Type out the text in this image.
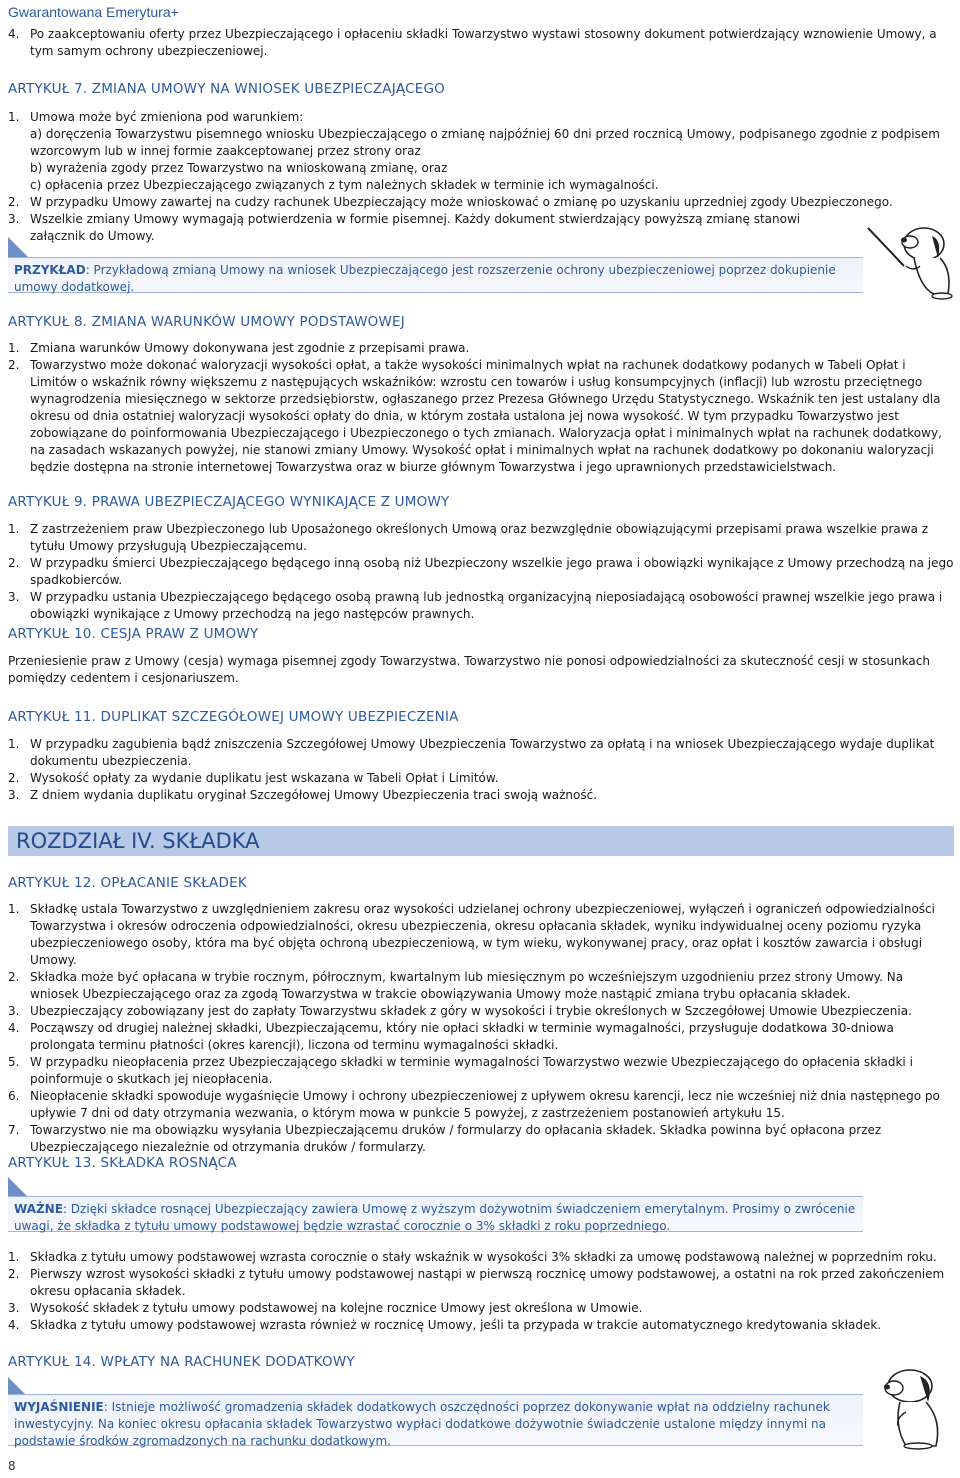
Gwarantowana Emerytura+
4. Po zaakceptowaniu oferty przez Ubezpieczającego i opłaceniu składki Towarzystwo wystawi stosowny dokument potwierdzający wznowienie Umowy, a tym samym ochrony ubezpieczeniowej.
ARTYKUŁ 7. ZMIANA UMOWY NA WNIOSEK UBEZPIECZAJĄCEGO
1. Umowa może być zmieniona pod warunkiem:
a) doręczenia Towarzystwu pisemnego wniosku Ubezpieczającego o zmianę najpóźniej 60 dni przed rocznicą Umowy, podpisanego zgodnie z podpisem wzorcowym lub w innej formie zaakceptowanej przez strony oraz
b) wyrażenia zgody przez Towarzystwo na wnioskowaną zmianę, oraz
c) opłacenia przez Ubezpieczającego związanych z tym należnych składek w terminie ich wymagalności.
2. W przypadku Umowy zawartej na cudzy rachunek Ubezpieczający może wnioskować o zmianę po uzyskaniu uprzedniej zgody Ubezpieczonego.
3. Wszelkie zmiany Umowy wymagają potwierdzenia w formie pisemnej. Każdy dokument stwierdzający powyższą zmianę stanowi załącznik do Umowy.
PRZYKŁAD: Przykładową zmianą Umowy na wniosek Ubezpieczającego jest rozszerzenie ochrony ubezpieczeniowej poprzez dokupienie umowy dodatkowej.
ARTYKUŁ 8. ZMIANA WARUNKÓW UMOWY PODSTAWOWEJ
1. Zmiana warunków Umowy dokonywana jest zgodnie z przepisami prawa.
2. Towarzystwo może dokonać waloryzacji wysokości opłat, a także wysokości minimalnych wpłat na rachunek dodatkowy podanych w Tabeli Opłat i Limitów o wskaźnik równy większemu z następujących wskaźników: wzrostu cen towarów i usług konsumpcyjnych (inflacji) lub wzrostu przeciętnego wynagrodzenia miesięcznego w sektorze przedsiębiorstw, ogłaszanego przez Prezesa Głównego Urzędu Statystycznego. Wskaźnik ten jest ustalany dla okresu od dnia ostatniej waloryzacji wysokości opłaty do dnia, w którym została ustalona jej nowa wysokość. W tym przypadku Towarzystwo jest zobowiązane do poinformowania Ubezpieczającego i Ubezpieczonego o tych zmianach. Waloryzacja opłat i minimalnych wpłat na rachunek dodatkowy, na zasadach wskazanych powyżej, nie stanowi zmiany Umowy. Wysokość opłat i minimalnych wpłat na rachunek dodatkowy po dokonaniu waloryzacji będzie dostępna na stronie internetowej Towarzystwa oraz w biurze głównym Towarzystwa i jego uprawnionych przedstawicielstwach.
ARTYKUŁ 9. PRAWA UBEZPIECZAJĄCEGO WYNIKAJĄCE Z UMOWY
1. Z zastrzeżeniem praw Ubezpieczonego lub Uposażonego określonych Umową oraz bezwzględnie obowiązującymi przepisami prawa wszelkie prawa z tytułu Umowy przysługują Ubezpieczającemu.
2. W przypadku śmierci Ubezpieczającego będącego inną osobą niż Ubezpieczony wszelkie jego prawa i obowiązki wynikające z Umowy przechodzą na jego spadkobierców.
3. W przypadku ustania Ubezpieczającego będącego osobą prawną lub jednostką organizacyjną nieposiadającą osobowości prawnej wszelkie jego prawa i obowiązki wynikające z Umowy przechodzą na jego następców prawnych.
ARTYKUŁ 10. CESJA PRAW Z UMOWY
Przeniesienie praw z Umowy (cesja) wymaga pisemnej zgody Towarzystwa. Towarzystwo nie ponosi odpowiedzialności za skuteczność cesji w stosunkach pomiędzy cedentem i cesjonariuszem.
ARTYKUŁ 11. DUPLIKAT SZCZEGÓŁOWEJ UMOWY UBEZPIECZENIA
1. W przypadku zagubienia bądź zniszczenia Szczegółowej Umowy Ubezpieczenia Towarzystwo za opłatą i na wniosek Ubezpieczającego wydaje duplikat dokumentu ubezpieczenia.
2. Wysokość opłaty za wydanie duplikatu jest wskazana w Tabeli Opłat i Limitów.
3. Z dniem wydania duplikatu oryginał Szczegółowej Umowy Ubezpieczenia traci swoją ważność.
ROZDZIAŁ IV. SKŁADKA
ARTYKUŁ 12. OPŁACANIE SKŁADEK
1. Składkę ustala Towarzystwo z uwzględnieniem zakresu oraz wysokości udzielanej ochrony ubezpieczeniowej, wyłączeń i ograniczeń odpowiedzialności Towarzystwa i okresów odroczenia odpowiedzialności, okresu ubezpieczenia, okresu opłacania składek, wyniku indywidualnej oceny poziomu ryzyka ubezpieczeniowego osoby, która ma być objęta ochroną ubezpieczeniową, w tym wieku, wykonywanej pracy, oraz opłat i kosztów zawarcia i obsługi Umowy.
2. Składka może być opłacana w trybie rocznym, półrocznym, kwartalnym lub miesięcznym po wcześniejszym uzgodnieniu przez strony Umowy. Na wniosek Ubezpieczającego oraz za zgodą Towarzystwa w trakcie obowiązywania Umowy może nastąpić zmiana trybu opłacania składek.
3. Ubezpieczający zobowiązany jest do zapłaty Towarzystwu składek z góry w wysokości i trybie określonych w Szczegółowej Umowie Ubezpieczenia.
4. Począwszy od drugiej należnej składki, Ubezpieczającemu, który nie opłaci składki w terminie wymagalności, przysługuje dodatkowa 30-dniowa prolongata terminu płatności (okres karencji), liczona od terminu wymagalności składki.
5. W przypadku nieopłacenia przez Ubezpieczającego składki w terminie wymagalności Towarzystwo wezwie Ubezpieczającego do opłacenia składki i poinformuje o skutkach jej nieopłacenia.
6. Nieopłacenie składki spowoduje wygaśnięcie Umowy i ochrony ubezpieczeniowej z upływem okresu karencji, lecz nie wcześniej niż dnia następnego po upływie 7 dni od daty otrzymania wezwania, o którym mowa w punkcie 5 powyżej, z zastrzeżeniem postanowień artykułu 15.
7. Towarzystwo nie ma obowiązku wysyłania Ubezpieczającemu druków / formularzy do opłacania składek. Składka powinna być opłacona przez Ubezpieczającego niezależnie od otrzymania druków / formularzy.
ARTYKUŁ 13. SKŁADKA ROSNĄCA
WAŻNE: Dzięki składce rosnącej Ubezpieczający zawiera Umowę z wyższym dożywotnim świadczeniem emerytalnym. Prosimy o zwrócenie uwagi, że składka z tytułu umowy podstawowej będzie wzrastać corocznie o 3% składki z roku poprzedniego.
1. Składka z tytułu umowy podstawowej wzrasta corocznie o stały wskaźnik w wysokości 3% składki za umowę podstawową należnej w poprzednim roku.
2. Pierwszy wzrost wysokości składki z tytułu umowy podstawowej nastąpi w pierwszą rocznicę umowy podstawowej, a ostatni na rok przed zakończeniem okresu opłacania składek.
3. Wysokość składek z tytułu umowy podstawowej na kolejne rocznice Umowy jest określona w Umowie.
4. Składka z tytułu umowy podstawowej wzrasta również w rocznicę Umowy, jeśli ta przypada w trakcie automatycznego kredytowania składek.
ARTYKUŁ 14. WPŁATY NA RACHUNEK DODATKOWY
WYJAŚNIENIE: Istnieje możliwość gromadzenia składek dodatkowych oszczędności poprzez dokonywanie wpłat na oddzielny rachunek inwestycyjny. Na koniec okresu opłacania składek Towarzystwo wypłaci dodatkowe dożywotnie świadczenie ustalone między innymi na podstawie środków zgromadzonych na rachunku dodatkowym.
8
